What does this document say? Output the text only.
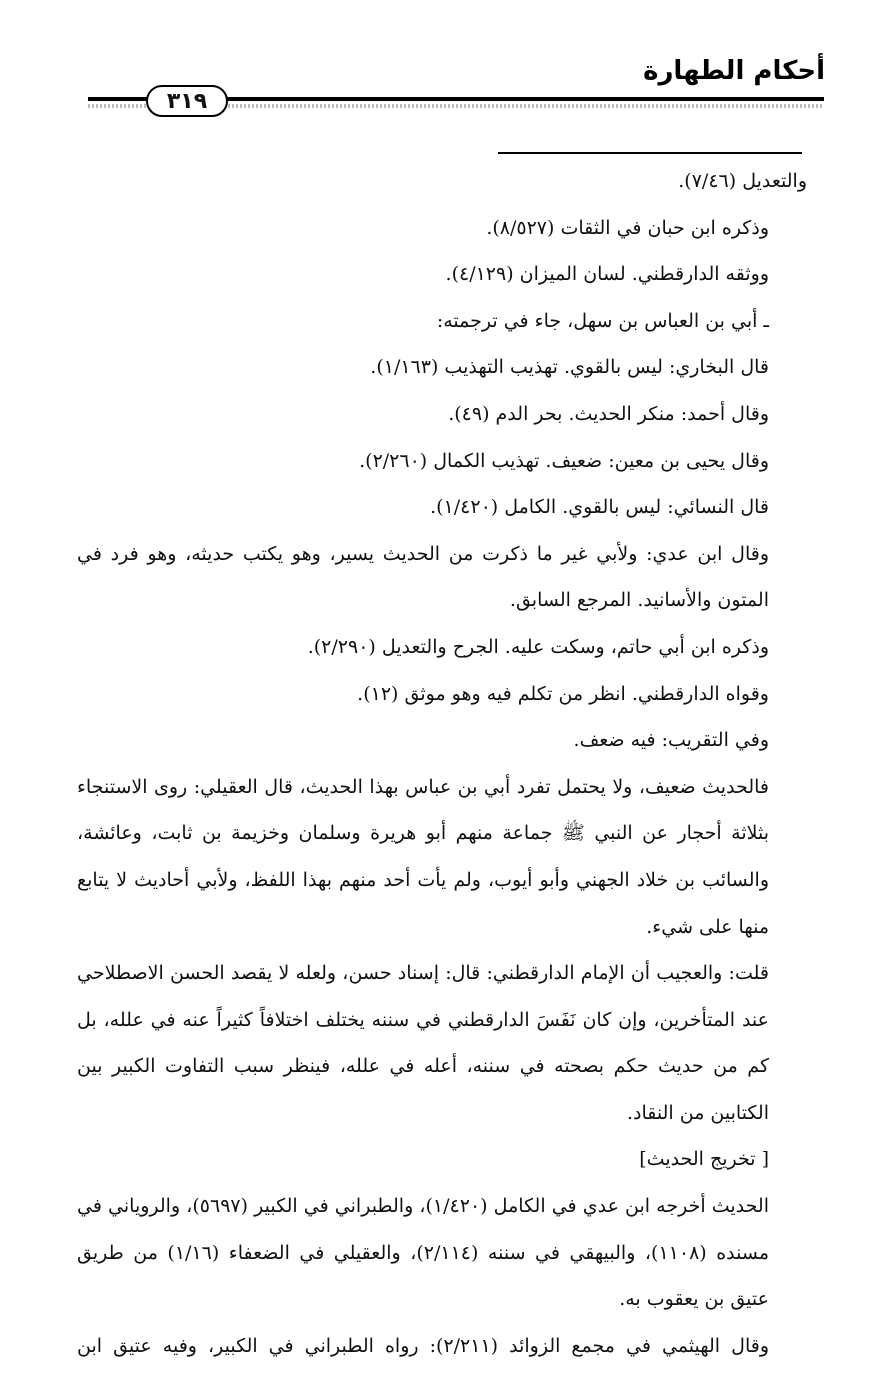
أحكام الطهارة
٣١٩

والتعديل (٧/٤٦).

وذكره ابن حبان في الثقات (٨/٥٢٧).

ووثقه الدارقطني. لسان الميزان (٤/١٢٩).

ـ أبي بن العباس بن سهل، جاء في ترجمته:

قال البخاري: ليس بالقوي. تهذيب التهذيب (١/١٦٣).

وقال أحمد: منكر الحديث. بحر الدم (٤٩).

وقال يحيى بن معين: ضعيف. تهذيب الكمال (٢/٢٦٠).

قال النسائي: ليس بالقوي. الكامل (١/٤٢٠).

وقال ابن عدي: ولأبي غير ما ذكرت من الحديث يسير، وهو يكتب حديثه، وهو فرد في المتون والأسانيد. المرجع السابق.

وذكره ابن أبي حاتم، وسكت عليه. الجرح والتعديل (٢/٢٩٠).

وقواه الدارقطني. انظر من تكلم فيه وهو موثق (١٢).

وفي التقريب: فيه ضعف.

فالحديث ضعيف، ولا يحتمل تفرد أبي بن عباس بهذا الحديث، قال العقيلي: روى الاستنجاء بثلاثة أحجار عن النبي ﷺ جماعة منهم أبو هريرة وسلمان وخزيمة بن ثابت، وعائشة، والسائب بن خلاد الجهني وأبو أيوب، ولم يأت أحد منهم بهذا اللفظ، ولأبي أحاديث لا يتابع منها على شيء.

قلت: والعجيب أن الإمام الدارقطني: قال: إسناد حسن، ولعله لا يقصد الحسن الاصطلاحي عند المتأخرين، وإن كان نَفَسَ الدارقطني في سننه يختلف اختلافاً كثيراً عنه في علله، بل كم من حديث حكم بصحته في سننه، أعله في علله، فينظر سبب التفاوت الكبير بين الكتابين من النقاد.

[ تخريج الحديث]

الحديث أخرجه ابن عدي في الكامل (١/٤٢٠)، والطبراني في الكبير (٥٦٩٧)، والروياني في مسنده (١١٠٨)، والبيهقي في سننه (٢/١١٤)، والعقيلي في الضعفاء (١/١٦) من طريق عتيق بن يعقوب به.

وقال الهيثمي في مجمع الزوائد (٢/٢١١): رواه الطبراني في الكبير، وفيه عتيق ابن
